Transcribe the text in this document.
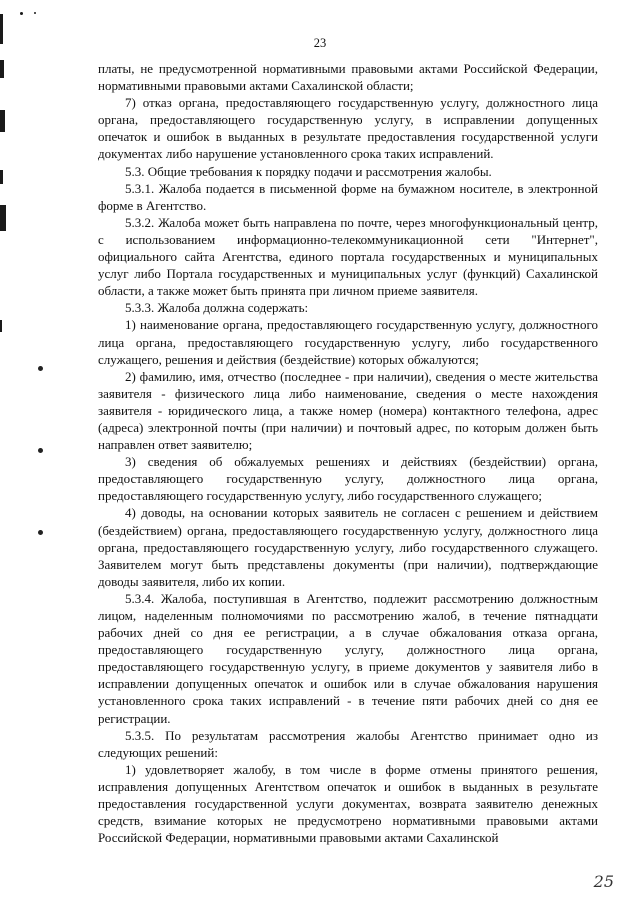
23

платы, не предусмотренной нормативными правовыми актами Российской Федерации, нормативными правовыми актами Сахалинской области;

7) отказ органа, предоставляющего государственную услугу, должностного лица органа, предоставляющего государственную услугу, в исправлении допущенных опечаток и ошибок в выданных в результате предоставления государственной услуги документах либо нарушение установленного срока таких исправлений.

5.3. Общие требования к порядку подачи и рассмотрения жалобы.

5.3.1. Жалоба подается в письменной форме на бумажном носителе, в электронной форме в Агентство.

5.3.2. Жалоба может быть направлена по почте, через многофункциональный центр, с использованием информационно-телекоммуникационной сети "Интернет", официального сайта Агентства, единого портала государственных и муниципальных услуг либо Портала государственных и муниципальных услуг (функций) Сахалинской области, а также может быть принята при личном приеме заявителя.

5.3.3. Жалоба должна содержать:

1) наименование органа, предоставляющего государственную услугу, должностного лица органа, предоставляющего государственную услугу, либо государственного служащего, решения и действия (бездействие) которых обжалуются;

2) фамилию, имя, отчество (последнее - при наличии), сведения о месте жительства заявителя - физического лица либо наименование, сведения о месте нахождения заявителя - юридического лица, а также номер (номера) контактного телефона, адрес (адреса) электронной почты (при наличии) и почтовый адрес, по которым должен быть направлен ответ заявителю;

3) сведения об обжалуемых решениях и действиях (бездействии) органа, предоставляющего государственную услугу, должностного лица органа, предоставляющего государственную услугу, либо государственного служащего;

4) доводы, на основании которых заявитель не согласен с решением и действием (бездействием) органа, предоставляющего государственную услугу, должностного лица органа, предоставляющего государственную услугу, либо государственного служащего. Заявителем могут быть представлены документы (при наличии), подтверждающие доводы заявителя, либо их копии.

5.3.4. Жалоба, поступившая в Агентство, подлежит рассмотрению должностным лицом, наделенным полномочиями по рассмотрению жалоб, в течение пятнадцати рабочих дней со дня ее регистрации, а в случае обжалования отказа органа, предоставляющего государственную услугу, должностного лица органа, предоставляющего государственную услугу, в приеме документов у заявителя либо в исправлении допущенных опечаток и ошибок или в случае обжалования нарушения установленного срока таких исправлений - в течение пяти рабочих дней со дня ее регистрации.

5.3.5. По результатам рассмотрения жалобы Агентство принимает одно из следующих решений:

1) удовлетворяет жалобу, в том числе в форме отмены принятого решения, исправления допущенных Агентством опечаток и ошибок в выданных в результате предоставления государственной услуги документах, возврата заявителю денежных средств, взимание которых не предусмотрено нормативными правовыми актами Российской Федерации, нормативными правовыми актами Сахалинской

25
